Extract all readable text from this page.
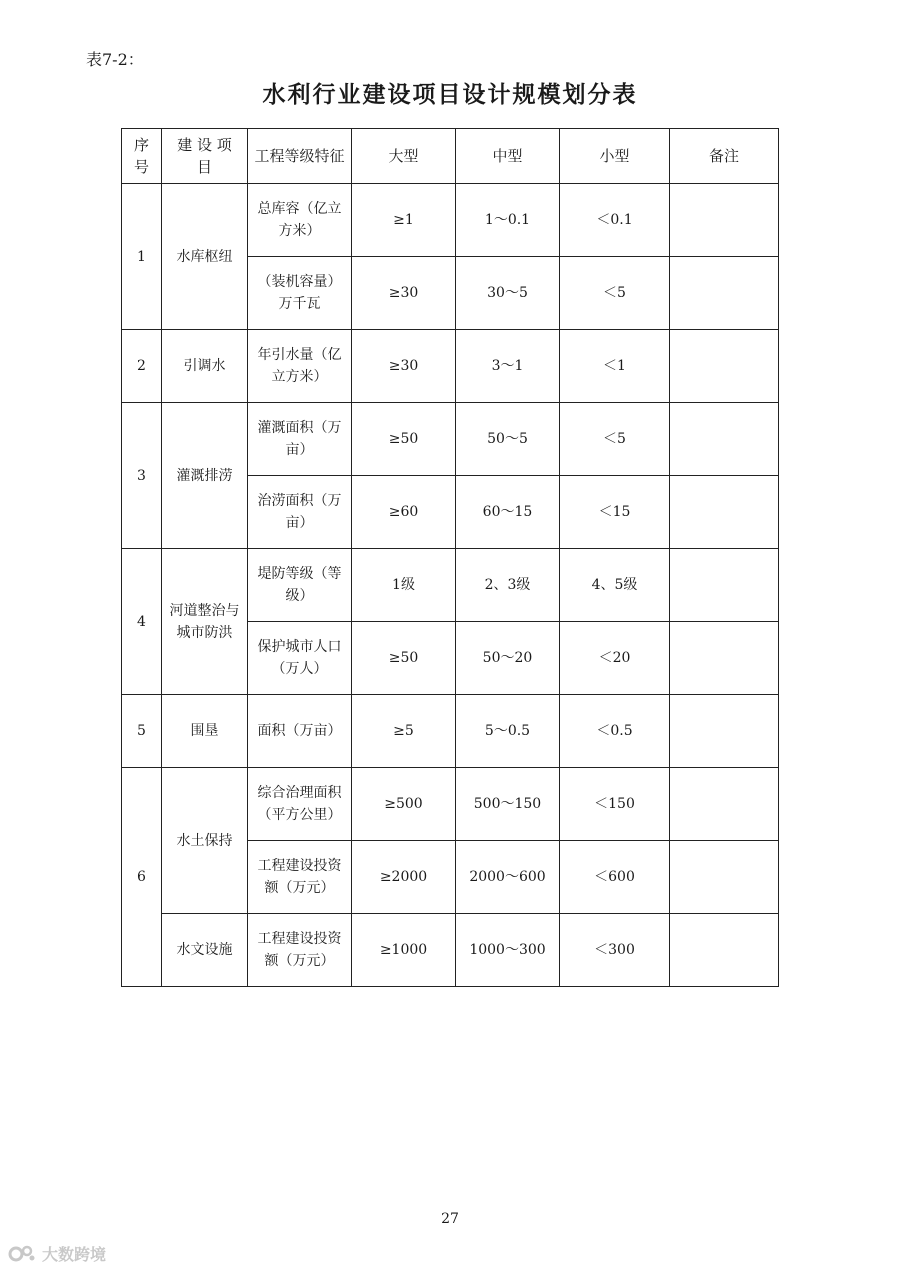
表7-2：
水利行业建设项目设计规模划分表
序号	建 设 项 目	工程等级特征	大型	中型	小型	备注
1	水库枢纽	总库容（亿立方米）	≥1	1～0.1	＜0.1	
		（装机容量）万千瓦	≥30	30～5	＜5	
2	引调水	年引水量（亿立方米）	≥30	3～1	＜1	
3	灌溉排涝	灌溉面积（万亩）	≥50	50～5	＜5	
		治涝面积（万亩）	≥60	60～15	＜15	
4	河道整治与城市防洪	堤防等级（等级）	1级	2、3级	4、5级	
		保护城市人口（万人）	≥50	50～20	＜20	
5	围垦	面积（万亩）	≥5	5～0.5	＜0.5	
6	水土保持	综合治理面积（平方公里）	≥500	500～150	＜150	
		工程建设投资额（万元）	≥2000	2000～600	＜600	
	水文设施	工程建设投资额（万元）	≥1000	1000～300	＜300	
27
大数跨境
